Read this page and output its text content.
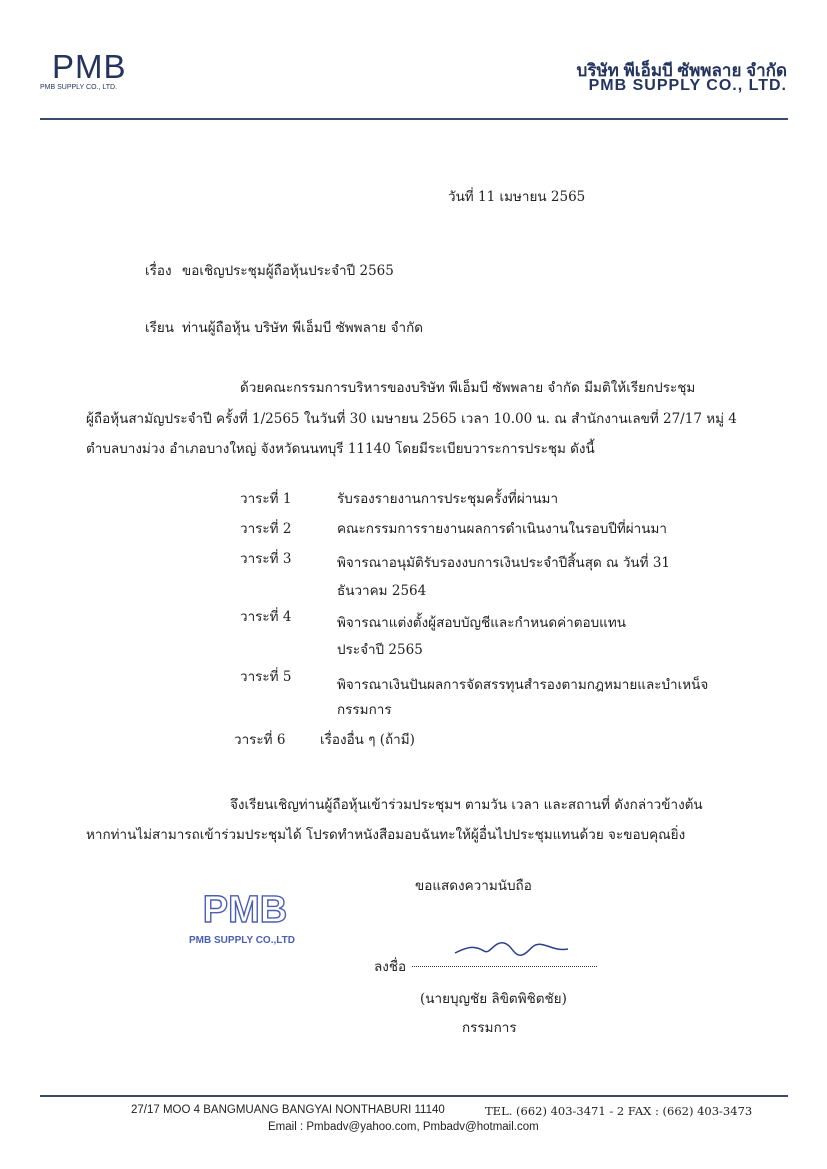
PMB
PMB SUPPLY CO., LTD.
บริษัท พีเอ็มบี ซัพพลาย จำกัด
PMB SUPPLY CO., LTD.
วันที่ 11 เมษายน 2565
เรื่อง ขอเชิญประชุมผู้ถือหุ้นประจำปี 2565
เรียน ท่านผู้ถือหุ้น บริษัท พีเอ็มบี ซัพพลาย จำกัด
ด้วยคณะกรรมการบริหารของบริษัท พีเอ็มบี ซัพพลาย จำกัด มีมติให้เรียกประชุม
ผู้ถือหุ้นสามัญประจำปี ครั้งที่ 1/2565 ในวันที่ 30 เมษายน 2565 เวลา 10.00 น. ณ สำนักงานเลขที่ 27/17 หมู่ 4
ตำบลบางม่วง อำเภอบางใหญ่ จังหวัดนนทบุรี 11140 โดยมีระเบียบวาระการประชุม ดังนี้
วาระที่ 1	รับรองรายงานการประชุมครั้งที่ผ่านมา
วาระที่ 2	คณะกรรมการรายงานผลการดำเนินงานในรอบปีที่ผ่านมา
วาระที่ 3	พิจารณาอนุมัติรับรองงบการเงินประจำปีสิ้นสุด ณ วันที่ 31
ธันวาคม 2564
วาระที่ 4	พิจารณาแต่งตั้งผู้สอบบัญชีและกำหนดค่าตอบแทน
ประจำปี 2565
วาระที่ 5	พิจารณาเงินปันผลการจัดสรรทุนสำรองตามกฎหมายและบำเหน็จ
กรรมการ
วาระที่ 6	เรื่องอื่น ๆ (ถ้ามี)
จึงเรียนเชิญท่านผู้ถือหุ้นเข้าร่วมประชุมฯ ตามวัน เวลา และสถานที่ ดังกล่าวข้างต้น
หากท่านไม่สามารถเข้าร่วมประชุมได้ โปรดทำหนังสือมอบฉันทะให้ผู้อื่นไปประชุมแทนด้วย จะขอบคุณยิ่ง
ขอแสดงความนับถือ
PMB
PMB SUPPLY CO.,LTD
ลงชื่อ
(นายบุญชัย ลิขิตพิชิตชัย)
กรรมการ
27/17 MOO 4 BANGMUANG BANGYAI NONTHABURI 11140	TEL. (662) 403-3471 - 2 FAX : (662) 403-3473
Email : Pmbadv@yahoo.com, Pmbadv@hotmail.com
